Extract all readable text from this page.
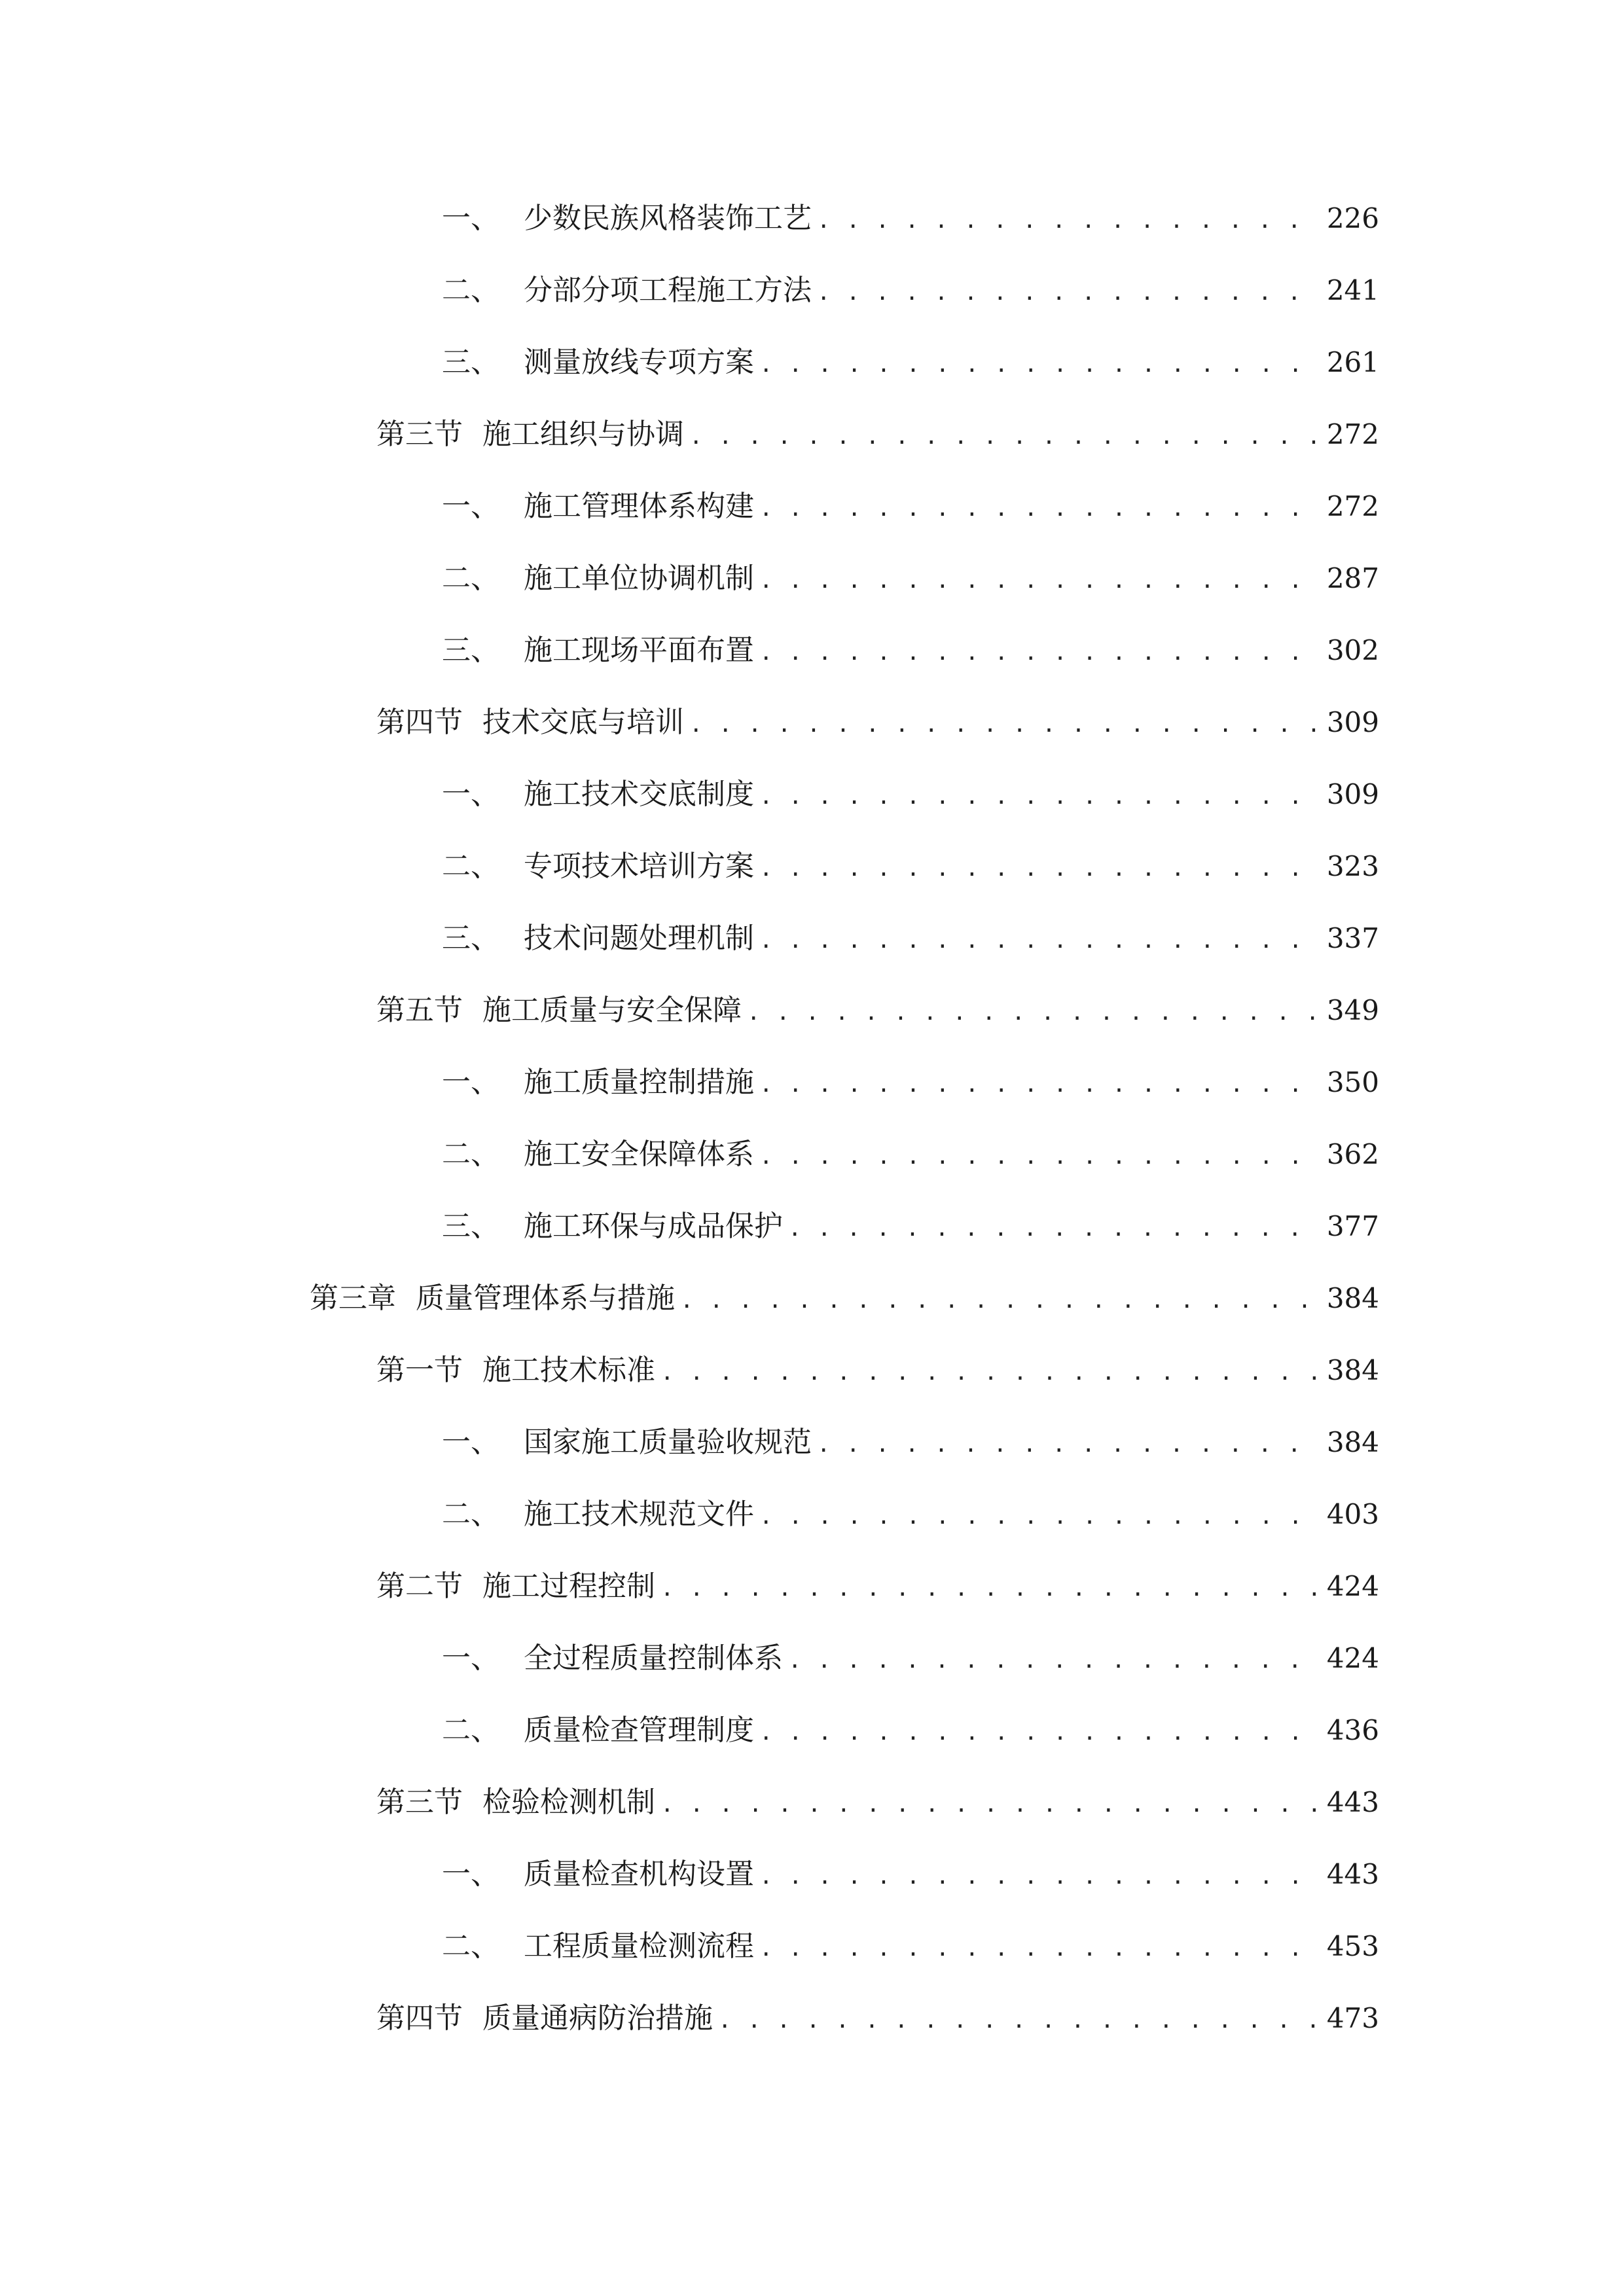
一、 少数民族风格装饰工艺 . . .	226
二、 分部分项工程施工方法 . . .	241
三、 测量放线专项方案 . . .	261
第三节 施工组织与协调 . . .	272
一、 施工管理体系构建 . . .	272
二、 施工单位协调机制 . . .	287
三、 施工现场平面布置 . . .	302
第四节 技术交底与培训 . . .	309
一、 施工技术交底制度 . . .	309
二、 专项技术培训方案 . . .	323
三、 技术问题处理机制 . . .	337
第五节 施工质量与安全保障 . . .	349
一、 施工质量控制措施 . . .	350
二、 施工安全保障体系 . . .	362
三、 施工环保与成品保护 . . .	377
第三章 质量管理体系与措施 . . .	384
第一节 施工技术标准 . . .	384
一、 国家施工质量验收规范 . . .	384
二、 施工技术规范文件 . . .	403
第二节 施工过程控制 . . .	424
一、 全过程质量控制体系 . . .	424
二、 质量检查管理制度 . . .	436
第三节 检验检测机制 . . .	443
一、 质量检查机构设置 . . .	443
二、 工程质量检测流程 . . .	453
第四节 质量通病防治措施 . . .	473
